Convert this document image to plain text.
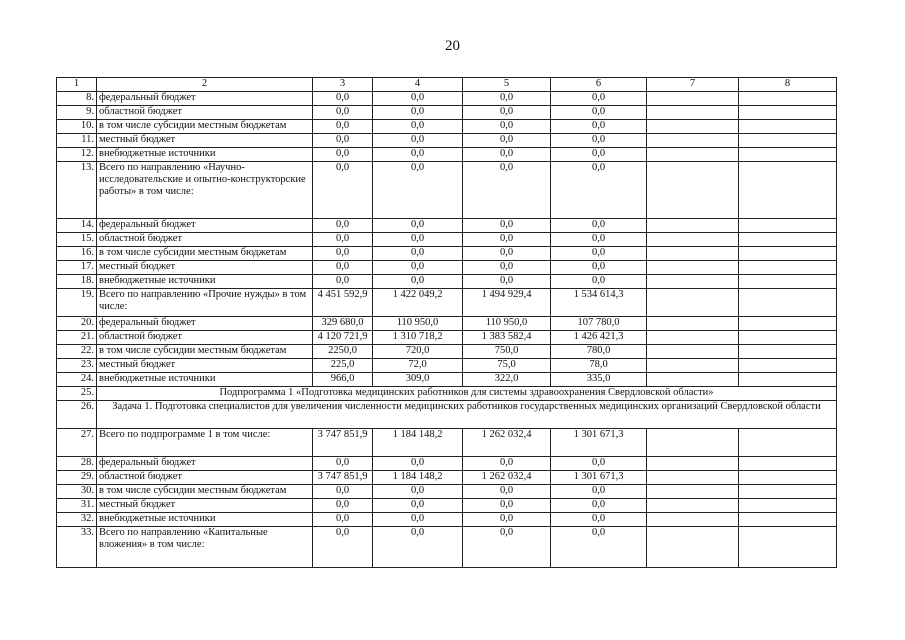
20
1	2	3	4	5	6	7	8
8.	федеральный бюджет	0,0	0,0	0,0	0,0		
9.	областной бюджет	0,0	0,0	0,0	0,0		
10.	в том числе субсидии местным бюджетам	0,0	0,0	0,0	0,0		
11.	местный бюджет	0,0	0,0	0,0	0,0		
12.	внебюджетные источники	0,0	0,0	0,0	0,0		
13.	Всего по направлению «Научно-исследовательские и опытно-конструкторские работы» в том числе:	0,0	0,0	0,0	0,0		
14.	федеральный бюджет	0,0	0,0	0,0	0,0		
15.	областной бюджет	0,0	0,0	0,0	0,0		
16.	в том числе субсидии местным бюджетам	0,0	0,0	0,0	0,0		
17.	местный бюджет	0,0	0,0	0,0	0,0		
18.	внебюджетные источники	0,0	0,0	0,0	0,0		
19.	Всего по направлению «Прочие нужды» в том числе:	4 451 592,9	1 422 049,2	1 494 929,4	1 534 614,3		
20.	федеральный бюджет	329 680,0	110 950,0	110 950,0	107 780,0		
21.	областной бюджет	4 120 721,9	1 310 718,2	1 383 582,4	1 426 421,3		
22.	в том числе субсидии местным бюджетам	2250,0	720,0	750,0	780,0		
23.	местный бюджет	225,0	72,0	75,0	78,0		
24.	внебюджетные источники	966,0	309,0	322,0	335,0		
25.	Подпрограмма 1 «Подготовка медицинских работников для системы здравоохранения Свердловской области»						
26.	Задача 1. Подготовка специалистов для увеличения численности медицинских работников государственных медицинских организаций Свердловской области						
27.	Всего по подпрограмме 1 в том числе:	3 747 851,9	1 184 148,2	1 262 032,4	1 301 671,3		
28.	федеральный бюджет	0,0	0,0	0,0	0,0		
29.	областной бюджет	3 747 851,9	1 184 148,2	1 262 032,4	1 301 671,3		
30.	в том числе субсидии местным бюджетам	0,0	0,0	0,0	0,0		
31.	местный бюджет	0,0	0,0	0,0	0,0		
32.	внебюджетные источники	0,0	0,0	0,0	0,0		
33.	Всего по направлению «Капитальные вложения» в том числе:	0,0	0,0	0,0	0,0		
